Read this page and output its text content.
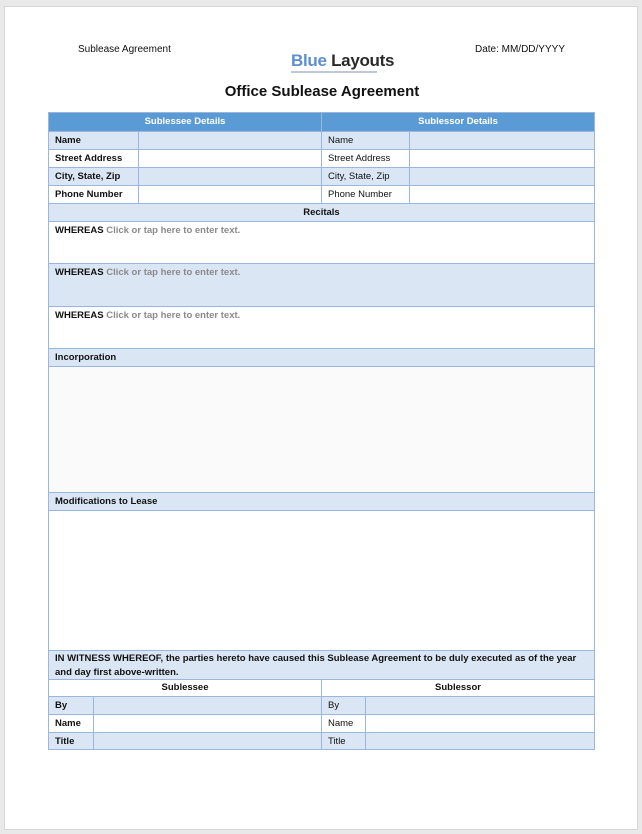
Sublease Agreement
Blue Layouts
Date: MM/DD/YYYY
Office Sublease Agreement
Sublessee Details	Sublessor Details
Name	Name
Street Address	Street Address
City, State, Zip	City, State, Zip
Phone Number	Phone Number
Recitals
WHEREAS Click or tap here to enter text.
WHEREAS Click or tap here to enter text.
WHEREAS Click or tap here to enter text.
Incorporation
Modifications to Lease
IN WITNESS WHEREOF, the parties hereto have caused this Sublease Agreement to be duly executed as of the year and day first above-written.
Sublessee	Sublessor
By	By
Name	Name
Title	Title
